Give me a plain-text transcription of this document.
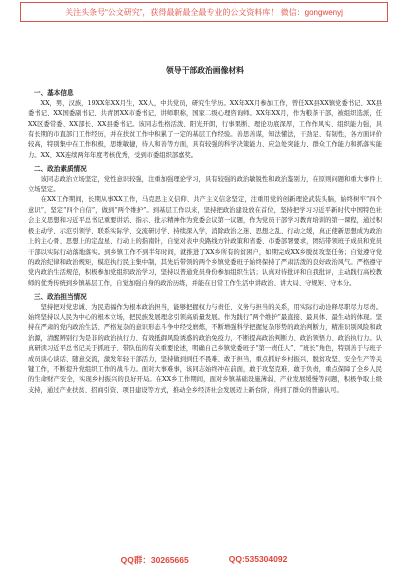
关注头条号“公文研究”，获得最新最全最专业的公文资料库！ 微信：gongwenyj
领导干部政治画像材料
一、基本信息

XX，男，汉族，19XX年XX月生，XX人，中共党员，研究生学历。XX年XX月参加工作，曾任XX县XX镇党委书记、XX县委书记、XX国委副书记、共青团XX市委书记，讲师职称，国家二级心理咨询师。XX年XX月，作为粮茶干部，被组织选派，任XX区委常委、XX部长、XX县委书记。该同志性格活泼、阳光开朗，行事果断、理论功底深厚，工作作风实、组织能力强，具有长期的市直部门工作经历，并在扶贫工作中积累了一定的基层工作经验。善思善谋，知法懂法，干劲足、有韧性，各方面评价较高，特别集中在工作积极，思维敏捷，待人和善等方面，具有较强的科学决策能力、应急处突能力、群众工作能力和抓落实能力。XX、XX连续两年年度考核优秀，受到市委组织部嘉奖。

二、政治素质情况

该同志政治立场坚定，党性意识较强，注重加强理论学习，具有较强的政治敏锐性和政治鉴别力，在原则问题和重大事件上立场坚定。

在XX工作期间，长期从事XX工作，马克思主义信仰、共产主义信念坚定，注重用党的创新理论武装头脑，始终树牢“四个意识”，坚定“四个自信”，做到“两个维护”。到基层工作以来，坚持把政治建设放在首位，坚持把学习习近平新时代中国特色社会主义思想和习近平总书记重要讲话、指示、批示精神作为党委会议第一议题，作为党员干部学习教育培训的第一课程，通过积极主动学、示范引领学、联系实际学、交流研讨学、持续深入学，消除政治之迷、思想之乱、行动之缓，真正使新思想成为政治上的主心骨、思想上的定盘星、行动上的指南针，自觉对表中央路线方针政策和省委、市委部署要求，团结带领班子成员和党员干部以实际行动落地落实。到乡镇工作不到半年时间，就推进了XX乡所有的贫困户，如期完成XX乡脱贫攻坚任务；自觉遵守党的政治纪律和政治规矩，模范执行民主集中制，其先后带领的两个乡镇党委班子始终保持了严肃活泼的良好政治风气。严格遵守党内政治生活规范，积极参加党组织政治学习，坚持以普通党员身份参加组织生活；认真对待批评和自我批评，主动践行高校教师的优秀传统到乡镇基层工作，自觉加强自身的政治历练，并能在日常工作生活中讲政治、讲大局、守规矩、守本分。

三、政治担当情况

坚持把对党忠诚、为民造福作为根本政治担当，能够把握权力与责任、义务与担当的关系，用实际行动诠释尽职尽力尽责。始终坚持以人民为中心的根本立场，把民族发展理念引领高质量发展。作为践行“两个维护”最直接、最具体、最生动的体现。坚持在严肃的党内政治生活、严格复杂的意识形态斗争中经受磨炼，不断增强科学把握复杂形势的政治判断力，精准识别风险和政治源，清醒辨别行为是非的政治执行力、有效抵御风险诱惑的政治免疫力，不断提高政治判断力、政治领悟力、政治执行力。认真研读习近平总书记关于抓班子、带队伍的有关重要论述，明确自己乡镇党委班子“第一责任人”、“班长”角色，特别善于与班子成员谈心谈话、随意交流，激发年轻干部活力，坚持做到到任不畏难、敢于担当，重点抓好乡村振兴、脱贫攻坚、安全生产等关键工作，不断提升党组织工作的战斗力。面对大事难事，该同志始终冲在前面，敢于攻坚克难、敢于负责，重点保障了全乡人民的生命财产安全，实现乡村振兴的良好开局。在XX乡工作期间，面对乡镇基础设施薄弱、产业发展缓慢等问题，积极争取上级支持，通过产业扶贫、招商引资、项目建设等方式，推动全乡经济社会发展迈上新台阶，得到了群众的普遍认可。

QQ群：30265665	QQ:535304092
